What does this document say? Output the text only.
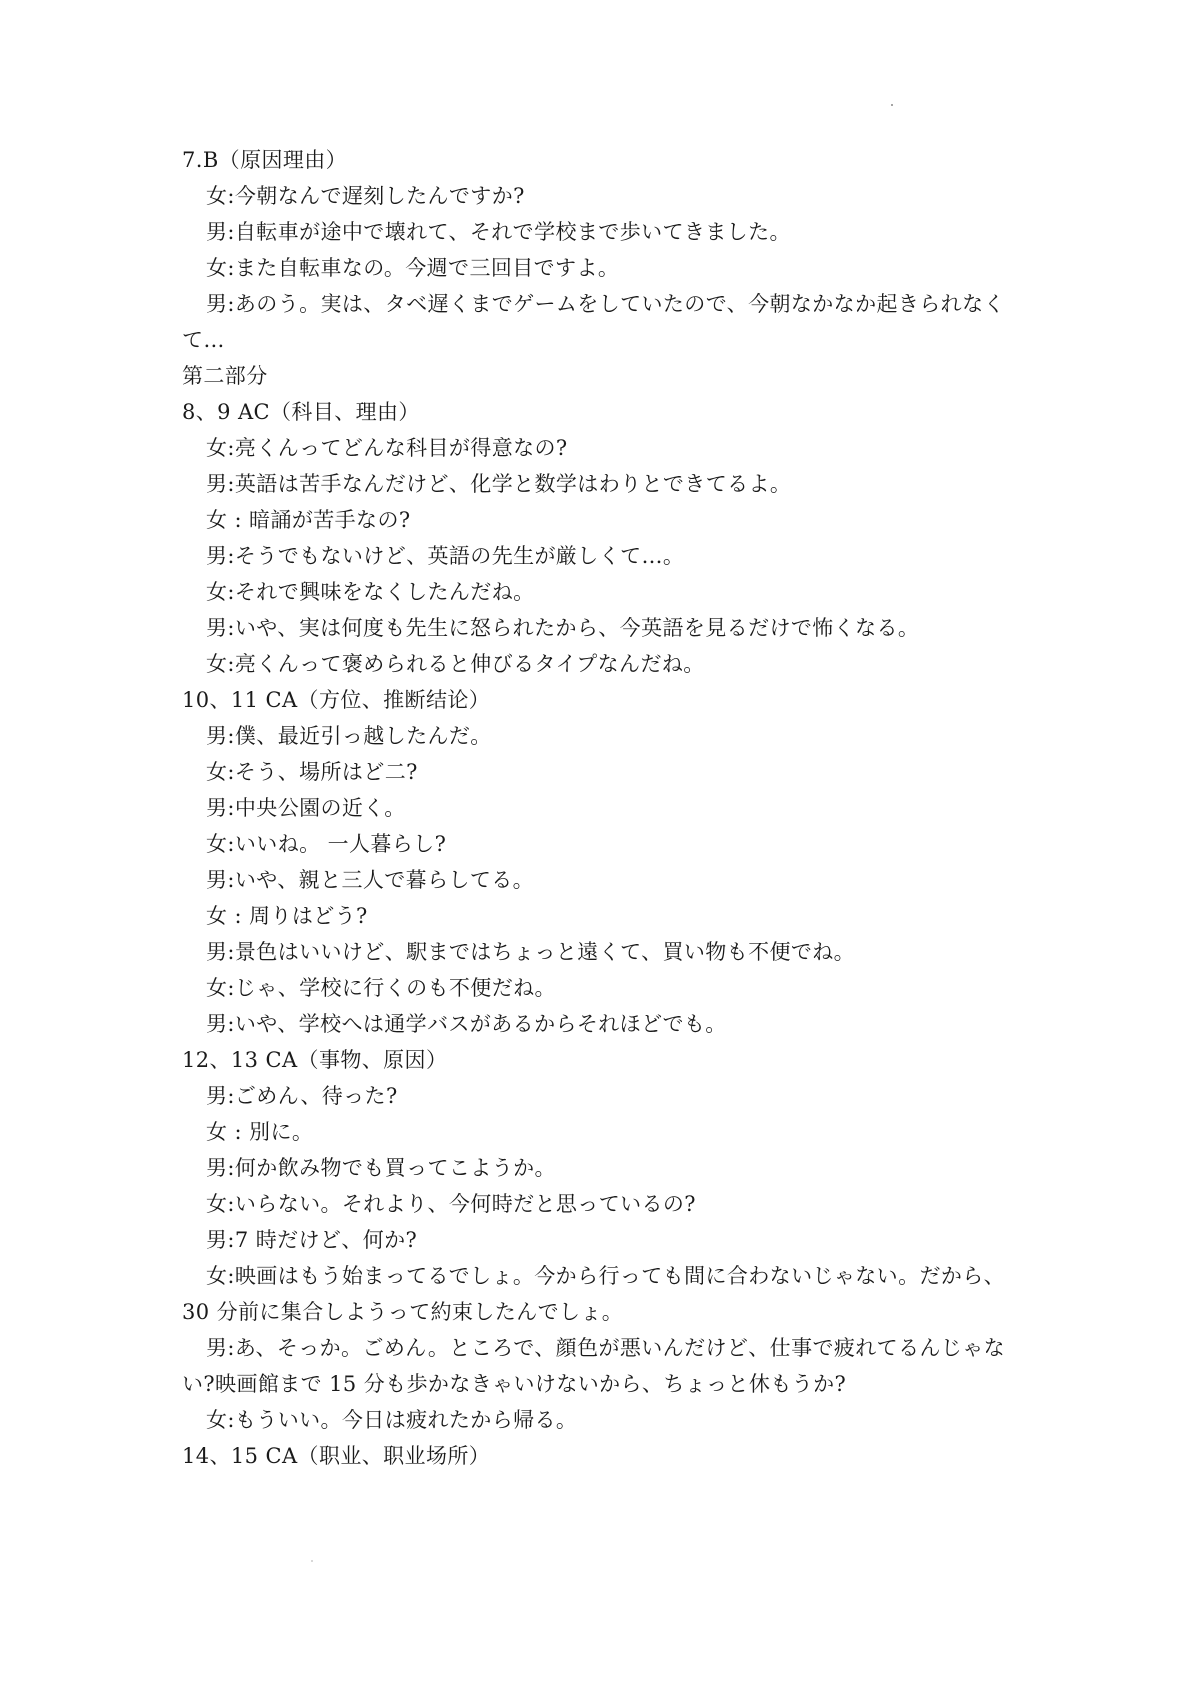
7.B（原因理由）

女:今朝なんで遅刻したんですか?

男:自転車が途中で壊れて、それで学校まで歩いてきました。

女:また自転車なの。今週で三回目ですよ。

男:あのう。実は、タベ遅くまでゲームをしていたので、今朝なかなか起きられなくて…

第二部分

8、9 AC（科目、理由）

女:亮くんってどんな科目が得意なの?

男:英語は苦手なんだけど、化学と数学はわりとできてるよ。

女 : 暗誦が苦手なの?

男:そうでもないけど、英語の先生が厳しくて…。

女:それで興味をなくしたんだね。

男:いや、実は何度も先生に怒られたから、今英語を見るだけで怖くなる。

女:亮くんって褒められると伸びるタイプなんだね。

10、11 CA（方位、推断结论）

男:僕、最近引っ越したんだ。

女:そう、場所はど二?

男:中央公園の近く。

女:いいね。 一人暮らし?

男:いや、親と三人で暮らしてる。

女 : 周りはどう?

男:景色はいいけど、駅まではちょっと遠くて、買い物も不便でね。

女:じゃ、学校に行くのも不便だね。

男:いや、学校へは通学バスがあるからそれほどでも。

12、13 CA（事物、原因）

男:ごめん、待った?

女 : 別に。

男:何か飲み物でも買ってこようか。

女:いらない。それより、今何時だと思っているの?

男:7 時だけど、何か?

女:映画はもう始まってるでしょ。今から行っても間に合わないじゃない。だから、30 分前に集合しようって約束したんでしょ。

男:あ、そっか。ごめん。ところで、顔色が悪いんだけど、仕事で疲れてるんじゃない?映画館まで 15 分も歩かなきゃいけないから、ちょっと休もうか?

女:もういい。今日は疲れたから帰る。

14、15 CA（职业、职业场所）
